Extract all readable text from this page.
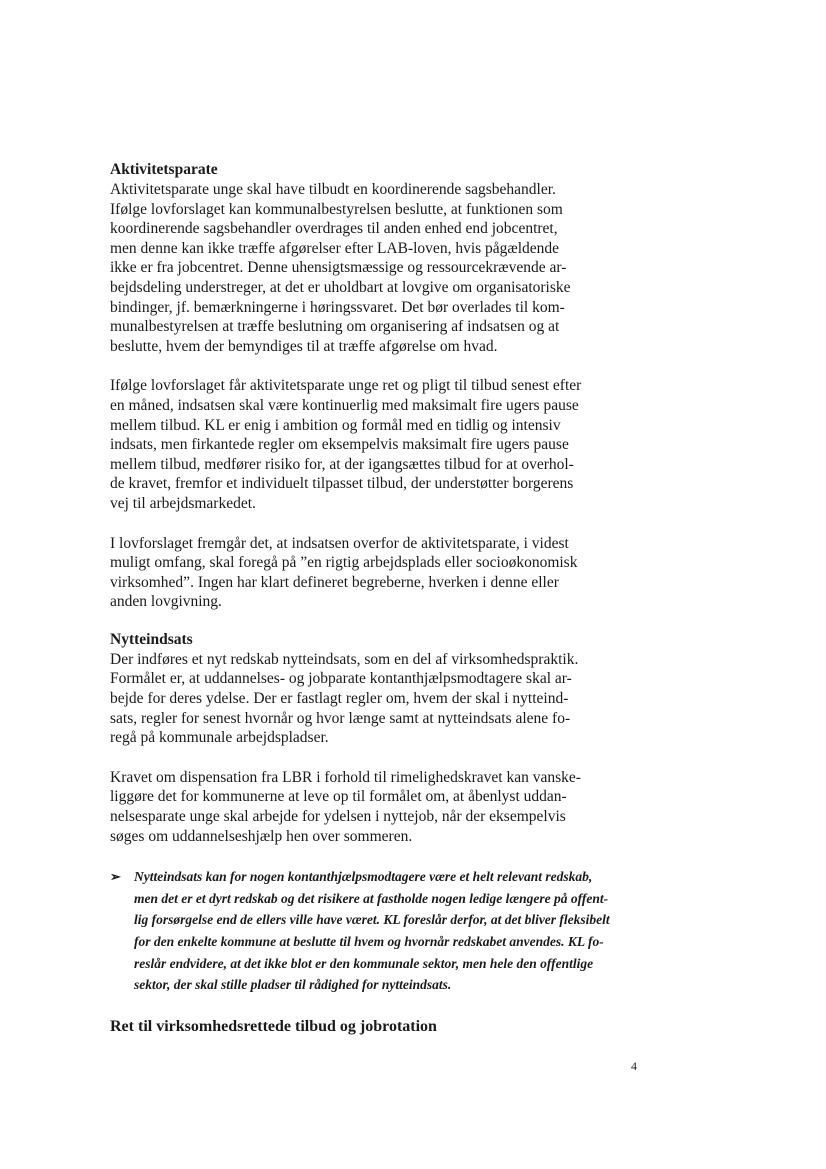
Aktivitetsparate

Aktivitetsparate unge skal have tilbudt en koordinerende sagsbehandler.
Ifølge lovforslaget kan kommunalbestyrelsen beslutte, at funktionen som
koordinerende sagsbehandler overdrages til anden enhed end jobcentret,
men denne kan ikke træffe afgørelser efter LAB-loven, hvis pågældende
ikke er fra jobcentret. Denne uhensigtsmæssige og ressourcekrævende ar-
bejdsdeling understreger, at det er uholdbart at lovgive om organisatoriske
bindinger, jf. bemærkningerne i høringssvaret. Det bør overlades til kom-
munalbestyrelsen at træffe beslutning om organisering af indsatsen og at
beslutte, hvem der bemyndiges til at træffe afgørelse om hvad.

Ifølge lovforslaget får aktivitetsparate unge ret og pligt til tilbud senest efter
en måned, indsatsen skal være kontinuerlig med maksimalt fire ugers pause
mellem tilbud. KL er enig i ambition og formål med en tidlig og intensiv
indsats, men firkantede regler om eksempelvis maksimalt fire ugers pause
mellem tilbud, medfører risiko for, at der igangsættes tilbud for at overhol-
de kravet, fremfor et individuelt tilpasset tilbud, der understøtter borgerens
vej til arbejdsmarkedet.

I lovforslaget fremgår det, at indsatsen overfor de aktivitetsparate, i videst
muligt omfang, skal foregå på ”en rigtig arbejdsplads eller socioøkonomisk
virksomhed”. Ingen har klart defineret begreberne, hverken i denne eller
anden lovgivning.

Nytteindsats

Der indføres et nyt redskab nytteindsats, som en del af virksomhedspraktik.
Formålet er, at uddannelses- og jobparate kontanthjælpsmodtagere skal ar-
bejde for deres ydelse. Der er fastlagt regler om, hvem der skal i nytteind-
sats, regler for senest hvornår og hvor længe samt at nytteindsats alene fo-
regå på kommunale arbejdspladser.

Kravet om dispensation fra LBR i forhold til rimelighedskravet kan vanske-
liggøre det for kommunerne at leve op til formålet om, at åbenlyst uddan-
nelsesparate unge skal arbejde for ydelsen i nyttejob, når der eksempelvis
søges om uddannelseshjælp hen over sommeren.

➢ Nytteindsats kan for nogen kontanthjælpsmodtagere være et helt relevant redskab,
men det er et dyrt redskab og det risikere at fastholde nogen ledige længere på offent-
lig forsørgelse end de ellers ville have været. KL foreslår derfor, at det bliver fleksibelt
for den enkelte kommune at beslutte til hvem og hvornår redskabet anvendes. KL fo-
reslår endvidere, at det ikke blot er den kommunale sektor, men hele den offentlige
sektor, der skal stille pladser til rådighed for nytteindsats.
Ret til virksomhedsrettede tilbud og jobrotation
4
